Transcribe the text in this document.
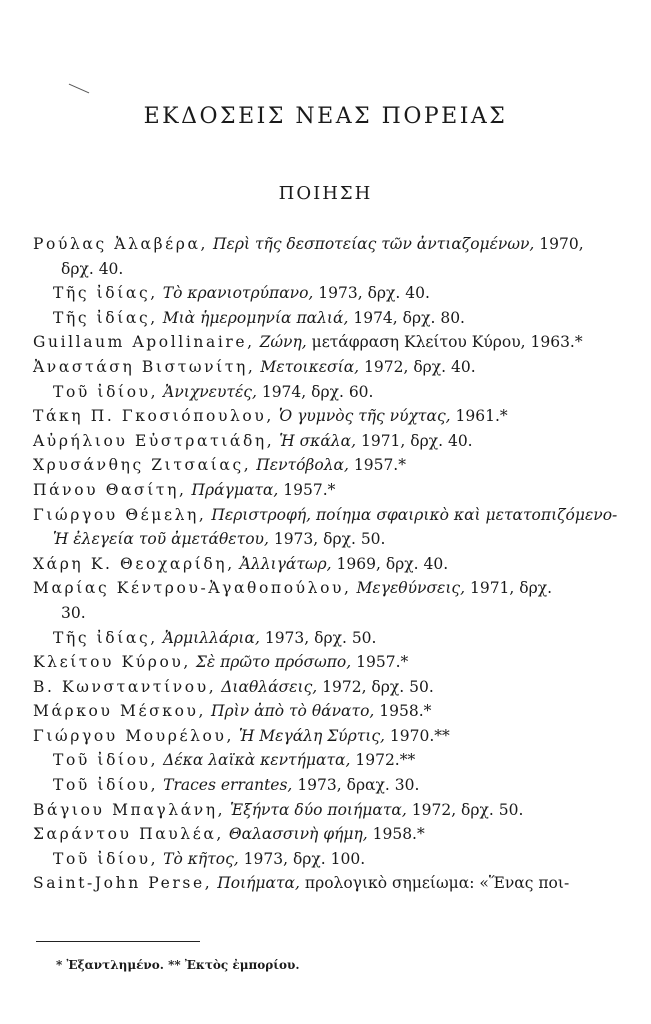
ΕΚΔΟΣΕΙΣ ΝΕΑΣ ΠΟΡΕΙΑΣ
ΠΟΙΗΣΗ

Ρούλας Ἀλαβέρα, Περὶ τῆς δεσποτείας τῶν ἀντιαζομένων, 1970,
δρχ. 40.

Τῆς ἰδίας, Τὸ κρανιοτρύπανο, 1973, δρχ. 40.

Τῆς ἰδίας, Μιὰ ἡμερομηνία παλιά, 1974, δρχ. 80.

Guillaum Apollinaire, Ζώνη, μετάφραση Κλείτου Κύρου, 1963.*

Ἀναστάση Βιστωνίτη, Μετοικεσία, 1972, δρχ. 40.

Τοῦ ἰδίου, Ἀνιχνευτές, 1974, δρχ. 60.

Τάκη Π. Γκοσιόπουλου, Ὁ γυμνὸς τῆς νύχτας, 1961.*

Αὐρήλιου Εὐστρατιάδη, Ἡ σκάλα, 1971, δρχ. 40.

Χρυσάνθης Ζιτσαίας, Πεντόβολα, 1957.*

Πάνου Θασίτη, Πράγματα, 1957.*

Γιώργου Θέμελη, Περιστροφή, ποίημα σφαιρικὸ καὶ μετατοπιζόμενο-
Ἡ ἐλεγεία τοῦ ἀμετάθετου, 1973, δρχ. 50.

Χάρη Κ. Θεοχαρίδη, Ἀλλιγάτωρ, 1969, δρχ. 40.

Μαρίας Κέντρου-Ἀγαθοπούλου, Μεγεθύνσεις, 1971, δρχ.
30.

Τῆς ἰδίας, Ἀρμιλλάρια, 1973, δρχ. 50.

Κλείτου Κύρου, Σὲ πρῶτο πρόσωπο, 1957.*

Β. Κωνσταντίνου, Διαθλάσεις, 1972, δρχ. 50.

Μάρκου Μέσκου, Πρὶν ἀπὸ τὸ θάνατο, 1958.*

Γιώργου Μουρέλου, Ἡ Μεγάλη Σύρτις, 1970.**

Τοῦ ἰδίου, Δέκα λαϊκὰ κεντήματα, 1972.**

Τοῦ ἰδίου, Traces errantes, 1973, δραχ. 30.

Βάγιου Μπαγλάνη, Ἑξήντα δύο ποιήματα, 1972, δρχ. 50.

Σαράντου Παυλέα, Θαλασσινὴ φήμη, 1958.*

Τοῦ ἰδίου, Τὸ κῆτος, 1973, δρχ. 100.

Saint-John Perse, Ποιήματα, προλογικὸ σημείωμα: «Ἕνας ποι-

* Ἐξαντλημένο. ** Ἐκτὸς ἐμπορίου.
